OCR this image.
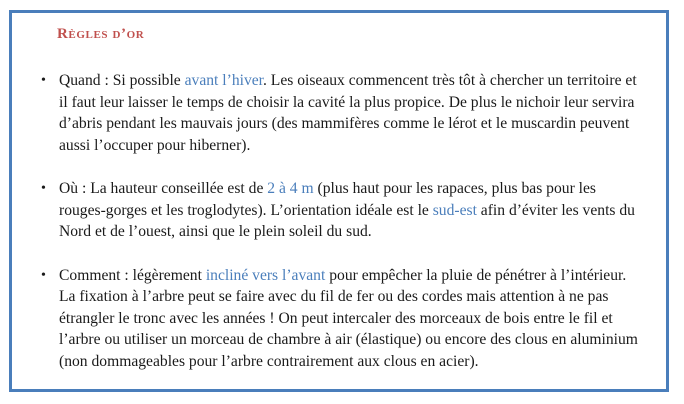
Règles d’or
• Quand : Si possible avant l’hiver. Les oiseaux commencent très tôt à chercher un territoire et il faut leur laisser le temps de choisir la cavité la plus propice. De plus le nichoir leur servira d’abris pendant les mauvais jours (des mammifères comme le lérot et le muscardin peuvent aussi l’occuper pour hiberner).
• Où : La hauteur conseillée est de 2 à 4 m (plus haut pour les rapaces, plus bas pour les rouges-gorges et les troglodytes). L’orientation idéale est le sud-est afin d’éviter les vents du Nord et de l’ouest, ainsi que le plein soleil du sud.
• Comment : légèrement incliné vers l’avant pour empêcher la pluie de pénétrer à l’intérieur. La fixation à l’arbre peut se faire avec du fil de fer ou des cordes mais attention à ne pas étrangler le tronc avec les années ! On peut intercaler des morceaux de bois entre le fil et l’arbre ou utiliser un morceau de chambre à air (élastique) ou encore des clous en aluminium (non dommageables pour l’arbre contrairement aux clous en acier).
